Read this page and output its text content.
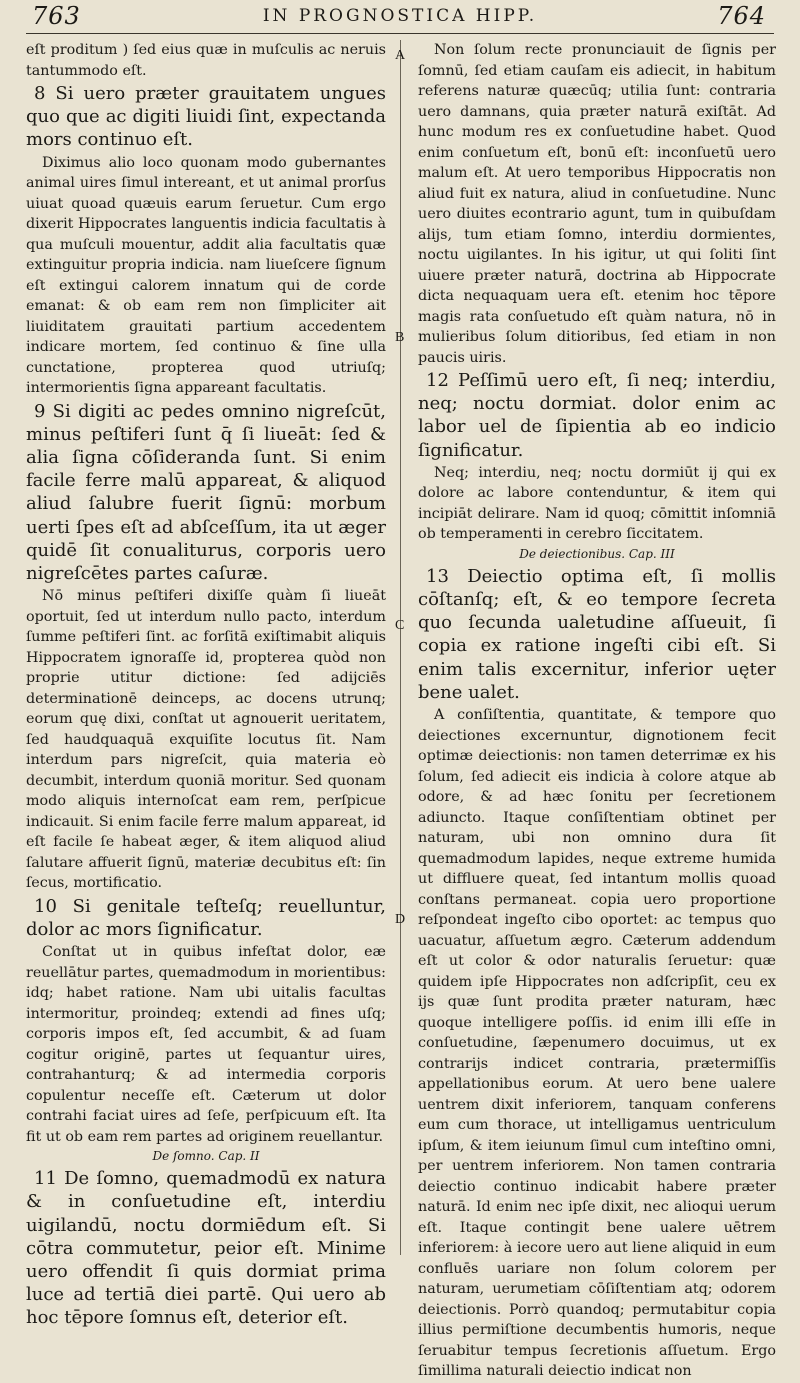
763	IN PROGNOSTICA HIPP.	764
A
B
C
D

eſt proditum ) ſed eius quæ in muſculis ac neruis tantummodo eſt.

8 Si uero præter grauitatem ungues quo que ac digiti liuidi ſint, expectanda mors continuo eſt.

Diximus alio loco quonam modo gubernantes animal uires ſimul intereant, et ut animal prorſus uiuat quoad quæuis earum ſeruetur. Cum ergo dixerit Hippocrates languentis indicia facultatis à qua muſculi mouentur, addit alia facultatis quæ extinguitur propria indicia. nam liueſcere ſignum eſt extingui calorem innatum qui de corde emanat: & ob eam rem non ſimpliciter ait liuiditatem grauitati partium accedentem indicare mortem, ſed continuo & ſine ulla cunctatione, propterea quod utriuſq; intermorientis ſigna appareant facultatis.

9 Si digiti ac pedes omnino nigreſcūt, minus peſtiferi ſunt q̄ ſi liueāt: ſed & alia ſigna cōſideranda ſunt. Si enim facile ferre malū appareat, & aliquod aliud ſalubre fuerit ſignū: morbum uerti ſpes eſt ad abſceſſum, ita ut æger quidē ſit conualiturus, corporis uero nigreſcētes partes caſuræ.

Nō minus peſtiferi dixiſſe quàm ſi liueāt oportuit, ſed ut interdum nullo pacto, interdum ſumme peſtiferi ſint. ac forſitā exiſtimabit aliquis Hippocratem ignoraſſe id, propterea quòd non proprie utitur dictione: ſed adijciēs determinationē deinceps, ac docens utrunq; eorum quę dixi, conſtat ut agnouerit ueritatem, ſed haudquaquā exquiſite locutus ſit. Nam interdum pars nigreſcit, quia materia eò decumbit, interdum quoniā moritur. Sed quonam modo aliquis internoſcat eam rem, perſpicue indicauit. Si enim facile ferre malum appareat, id eſt facile ſe habeat æger, & item aliquod aliud ſalutare affuerit ſignū, materiæ decubitus eſt: ſin ſecus, mortificatio.

10 Si genitale teſteſq; reuelluntur, dolor ac mors ſignificatur.

Conſtat ut in quibus infeſtat dolor, eæ reuellātur partes, quemadmodum in morientibus: idq; habet ratione. Nam ubi uitalis facultas intermoritur, proindeq; extendi ad fines uſq; corporis impos eſt, ſed accumbit, & ad ſuam cogitur originē, partes ut ſequantur uires, contrahanturq; & ad intermedia corporis copulentur neceſſe eſt. Cæterum ut dolor contrahi faciat uires ad ſeſe, perſpicuum eſt. Ita fit ut ob eam rem partes ad originem reuellantur.

De ſomno. Cap. II

11 De ſomno, quemadmodū ex natura & in conſuetudine eſt, interdiu uigilandū, noctu dormiēdum eſt. Si cōtra commutetur, peior eſt. Minime uero offendit ſi quis dormiat prima luce ad tertiā diei partē. Qui uero ab hoc tēpore ſomnus eſt, deterior eſt.

Non ſolum recte pronunciauit de ſignis per ſomnū, ſed etiam cauſam eis adiecit, in habitum referens naturæ quæcūq; utilia ſunt: contraria uero damnans, quia præter naturā exiſtāt. Ad hunc modum res ex conſuetudine habet. Quod enim conſuetum eſt, bonū eſt: inconſuetū uero malum eſt. At uero temporibus Hippocratis non aliud fuit ex natura, aliud in conſuetudine. Nunc uero diuites econtrario agunt, tum in quibuſdam alijs, tum etiam ſomno, interdiu dormientes, noctu uigilantes. In his igitur, ut qui ſoliti ſint uiuere præter naturā, doctrina ab Hippocrate dicta nequaquam uera eſt. etenim hoc tēpore magis rata conſuetudo eſt quàm natura, nō in mulieribus ſolum ditioribus, ſed etiam in non paucis uiris.

12 Peſſimū uero eſt, ſi neq; interdiu, neq; noctu dormiat. dolor enim ac labor uel de ſipientia ab eo indicio ſignificatur.

Neq; interdiu, neq; noctu dormiūt ij qui ex dolore ac labore contenduntur, & item qui incipiāt delirare. Nam id quoq; cōmittit inſomniā ob temperamenti in cerebro ſiccitatem.

De deiectionibus. Cap. III

13 Deiectio optima eſt, ſi mollis cōſtanſq; eſt, & eo tempore ſecreta quo ſecunda ualetudine aſſueuit, ſi copia ex ratione ingeſti cibi eſt. Si enim talis excernitur, inferior uęter bene ualet.

A conſiſtentia, quantitate, & tempore quo deiectiones excernuntur, dignotionem fecit optimæ deiectionis: non tamen deterrimæ ex his ſolum, ſed adiecit eis indicia à colore atque ab odore, & ad hæc ſonitu per ſecretionem adiuncto. Itaque conſiſtentiam obtinet per naturam, ubi non omnino dura ſit quemadmodum lapides, neque extreme humida ut diffluere queat, ſed intantum mollis quoad conſtans permaneat. copia uero proportione reſpondeat ingeſto cibo oportet: ac tempus quo uacuatur, aſſuetum ægro. Cæterum addendum eſt ut color & odor naturalis ſeruetur: quæ quidem ipſe Hippocrates non adſcripſit, ceu ex ijs quæ ſunt prodita præter naturam, hæc quoque intelligere poſſis. id enim illi eſſe in conſuetudine, ſæpenumero docuimus, ut ex contrarijs indicet contraria, prætermiſſis appellationibus eorum. At uero bene ualere uentrem dixit inferiorem, tanquam conferens eum cum thorace, ut intelligamus uentriculum ipſum, & item ieiunum ſimul cum inteſtino omni, per uentrem inferiorem. Non tamen contraria deiectio continuo indicabit habere præter naturā. Id enim nec ipſe dixit, nec alioqui uerum eſt. Itaque contingit bene ualere uētrem inferiorem: à iecore uero aut liene aliquid in eum confluēs uariare non ſolum colorem per naturam, uerumetiam cōſiſtentiam atq; odorem deiectionis. Porrò quandoq; permutabitur copia illius permiſtione decumbentis humoris, neque ſeruabitur tempus ſecretionis aſſuetum. Ergo ſimillima naturali deiectio indicat non
